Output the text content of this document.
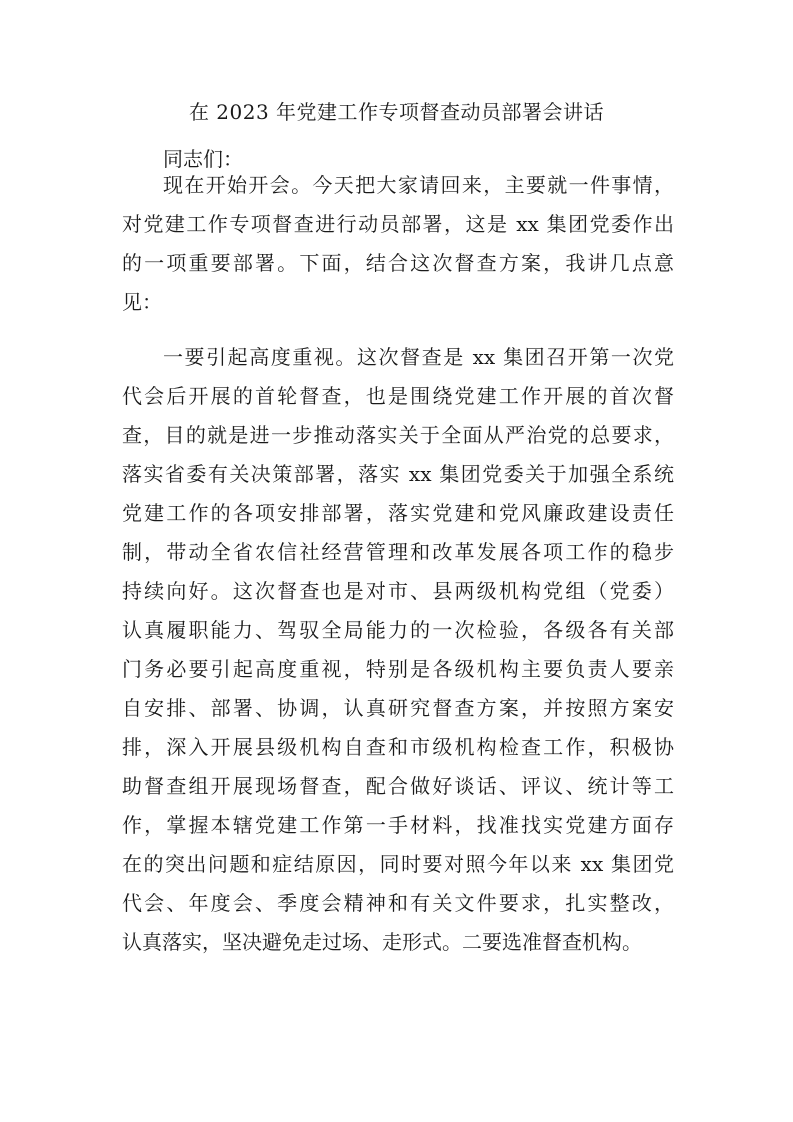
在 2023 年党建工作专项督查动员部署会讲话
同志们：
现在开始开会。今天把大家请回来，主要就一件事情，
对党建工作专项督查进行动员部署，这是 xx 集团党委作出
的一项重要部署。下面，结合这次督查方案，我讲几点意
见：
一要引起高度重视。这次督查是 xx 集团召开第一次党
代会后开展的首轮督查，也是围绕党建工作开展的首次督
查，目的就是进一步推动落实关于全面从严治党的总要求，
落实省委有关决策部署，落实 xx 集团党委关于加强全系统
党建工作的各项安排部署，落实党建和党风廉政建设责任
制，带动全省农信社经营管理和改革发展各项工作的稳步
持续向好。这次督查也是对市、县两级机构党组（党委）
认真履职能力、驾驭全局能力的一次检验，各级各有关部
门务必要引起高度重视，特别是各级机构主要负责人要亲
自安排、部署、协调，认真研究督查方案，并按照方案安
排，深入开展县级机构自查和市级机构检查工作，积极协
助督查组开展现场督查，配合做好谈话、评议、统计等工
作，掌握本辖党建工作第一手材料，找准找实党建方面存
在的突出问题和症结原因，同时要对照今年以来 xx 集团党
代会、年度会、季度会精神和有关文件要求，扎实整改，
认真落实，坚决避免走过场、走形式。二要选准督查机构。
